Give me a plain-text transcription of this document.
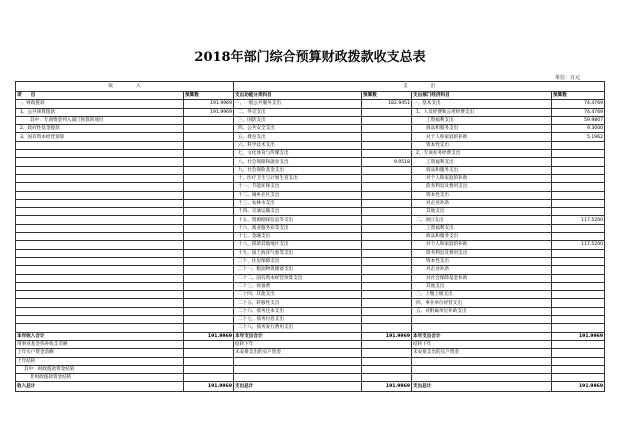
2018年部门综合预算财政拨款收支总表
单位：万元
收　　　　　入		支　　　　　出			
项　　目	预算数	支出功能分类科目	预算数	支出部门经济科目	预算数
一、财政拨款	191.9969	一、一般公共服务支出	182.9451	一、基本支出	74.4769
1、公共预算拨款	191.9969	二、外交支出		1、人员经费和公用经费支出	74.4769
其中：专项资金列入部门预算的项目		三、国防支出		工资福利支出	59.9807
2、政府性基金拨款		四、公共安全支出		商品和服务支出	9.3000
3、国有资本经营预算		五、教育支出		对个人和家庭的补助	5.1962
		六、科学技术支出		资本性支出	
		七、文化体育与传媒支出		2、专项业务经费支出	
		八、社会保障和就业支出	9.0518	工资福利支出	
		九、社会保险基金支出		商品和服务支出	
		十、医疗卫生与计划生育支出		对个人和家庭的补助	
		十一、节能环保支出		债务利息及费用支出	
		十二、城乡社区支出		资本性支出	
		十三、农林水支出		对企业补助	
		十四、交通运输支出		其他支出	
		十五、资源勘探信息等支出		二、项目支出	117.5200
		十六、商业服务业等支出		工资福利支出	
		十七、金融支出		商品和服务支出	
		十八、援助其他地区支出		对个人和家庭的补助	117.5200
		十九、国土海洋气象等支出		债务利息及费用支出	
		二十、住房保障支出		资本性支出	
		二十一、粮油物资储备支出		对企业补助	
		二十二、国有资本经营预算支出		对社会保障基金补助	
		二十三、预备费		其他支出	
		二十四、其他支出		三、上缴上级支出	
		二十五、转移性支出		四、事业单位经营支出	
		二十六、债务还本支出		五、对附属单位补助支出	
		二十七、债务付息支出			
		二十八、债务发行费用支出			
本年收入合计	191.9969	本年支出合计	191.9969	本年支出合计	191.9969
用事业基金弥补收支差额		结转下年		结转下年	
上年实户资金余额		未安排支出的实户资金		未安排支出的实户资金	
上年结转					
其中：财政拨款资金结转					
非财政拨款资金结转					
收入总计	191.9969	支出总计	191.9969	支出总计	191.9969
